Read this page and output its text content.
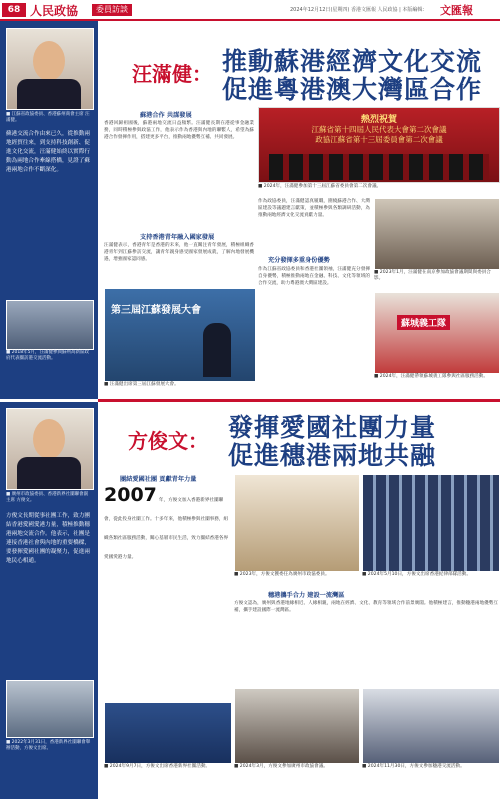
68 人民政協	委員訪談	2024年12月12日(星期四) 香港文匯報 人民政協 | 本版編輯：	文匯報
■ 江蘇省政協委員、香港蘇州商會主席 汪滿健。
蘇港交流合作由來已久，從推動兩地經貿往來，到支持科技創新、促進文化交流，汪滿健始終以實際行動為兩地合作牽線搭橋，見證了蘇港兩地合作不斷深化。
■ 2018年5月，汪滿健參與蘇州高新區政府代表團訪港交流活動。
汪滿健： 推動蘇港經濟文化交流
促進粵港澳大灣區合作
蘇港合作 共謀發展
香港回歸祖國後，蘇港兩地交流日益頻繁。汪滿健長期在港從事金融業務，同時積極參與政協工作，他表示作為香港與內地的聯繫人，希望為蘇港合作發揮作用，搭建更多平台，推動兩地優勢互補、共同發展。
支持香港青年融入國家發展
汪滿健表示，香港青年是香港的未來，他一直關注青年發展，積極組織香港青年到江蘇參訪交流，讓青年親身感受國家發展成就，了解內地發展機遇，增強國家認同感。
第三屆江蘇發展大會
■ 汪滿健出席第三屆江蘇發展大會。
熱烈祝賀
江蘇省第十四屆人民代表大會第二次會議
政協江蘇省第十三屆委員會第二次會議
■ 2024年，汪滿健參加第十三屆江蘇省委員會第二次會議。
作為政協委員，汪滿健認真履職，圍繞蘇港合作、大灣區建設等議題建言獻策，並積極參與各類調研活動，為推動兩地經濟文化交流貢獻力量。
充分發揮多重身份優勢
作為江蘇省政協委員和香港社團領袖，汪滿健充分發揮自身優勢，積極推動兩地在金融、科技、文化等領域的合作交流，助力粵港澳大灣區建設。
■ 2023年1月，汪滿健在南京參加政協會議期間與委員合影。
蘇城義工隊
■ 2024年，汪滿健帶領蘇城義工隊參與社區服務活動。
■ 廣州市政協委員、香港新界社團聯會副主席 方俊文。
方俊文長期從事社團工作，致力團結香港愛國愛港力量，積極推動穗港兩地交流合作。他表示，社團是連接香港社會與內地的重要橋樑，要發揮愛國社團的凝聚力，促進兩地民心相通。
■ 2022年3月31日，香港新界社團聯會舉辦活動，方俊文出席。
方俊文： 發揮愛國社團力量
促進穗港兩地共融
團結愛國社團 貢獻青年力量
2007 年，方俊文加入香港新界社團聯會，從此投身社團工作。十多年來，他積極參與社團事務，組織各類社區服務活動，關心基層市民生活，致力團結香港各界愛國愛港力量。
■ 2024年9月7日，方俊文出席香港新界社團活動。
■ 2023年，方俊文獲委任為廣州市政協委員。	■ 2024年5月10日，方俊文出席香港紀律部隊活動。
穗港攜手合力 建設一流灣區
方俊文認為，廣州與香港地緣相近、人緣相親，兩地在經濟、文化、教育等領域合作前景廣闊。他積極建言，推動穗港兩地優勢互補，攜手建設國際一流灣區。
■ 2024年3月，方俊文參加廣州市政協會議。	■ 2024年11月30日，方俊文參加穗港交流活動。
